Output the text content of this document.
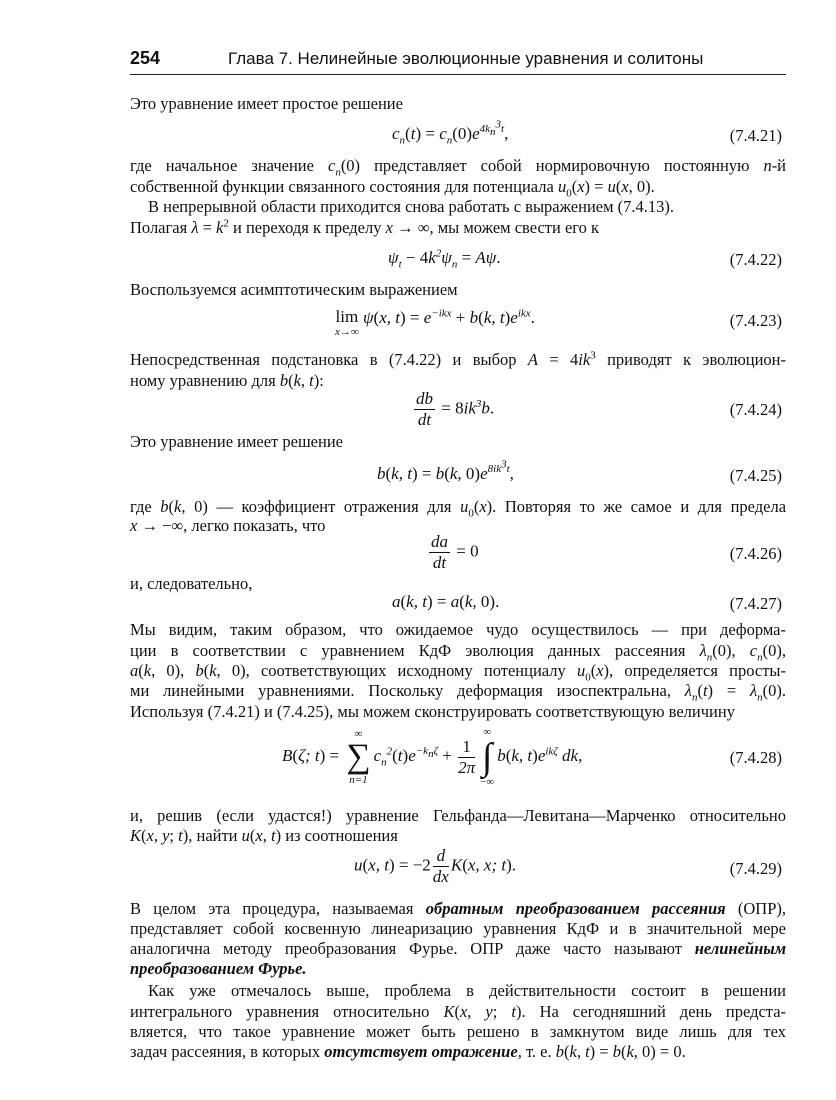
254	Глава 7. Нелинейные эволюционные уравнения и солитоны
Это уравнение имеет простое решение
$c_n(t) = c_n(0)e^{4k_n^3t}$,	(7.4.21)
где начальное значение $c_n(0)$ представляет собой нормировочную постоянную n-й
собственной функции связанного состояния для потенциала $u_0(x) = u(x$, 0).
В непрерывной области приходится снова работать с выражением (7.4.13).
Полагая $\lambda = k^2$ и переходя к пределу x → ∞, мы можем свести его к
$\psi_t - 4k^2\psi_n = A\psi$.	(7.4.22)
Воспользуемся асимптотическим выражением
lim
x→∞
ψ(x, $t) = e^{-ikx} + b(k$, $t)e^{ikx}$.	(7.4.23)
Непосредственная подстановка в (7.4.22) и выбор $A = 4ik^3$ приводят к эволюцион-
ному уравнению для b(k, t):
$\frac{db}{dt} = 8ik^3b$.	(7.4.24)
Это уравнение имеет решение
b(k, t) = b(k, $0)e^{8ik^3t}$,	(7.4.25)
где b(k, 0) — коэффициент отражения для $u_0(x)$. Повторяя то же самое и для предела
x → −∞, легко показать, что
$\frac{da}{dt} = 0$	(7.4.26)
и, следовательно,
a(k, t) = a(k, 0).	(7.4.27)
Мы видим, таким образом, что ожидаемое чудо осуществилось — при деформа-
ции в соответствии с уравнением КдФ эволюция данных рассеяния $\lambda_n(0)$, $c_n(0)$,
a(k, 0), b(k, 0), соответствующих исходному потенциалу $u_0(x)$, определяется просты-
ми линейными уравнениями. Поскольку деформация изоспектральна, $\lambda_n(t) = \lambda_n(0)$.
Используя (7.4.21) и (7.4.25), мы можем сконструировать соответствующую величину
B(ζ; t) =
∞
∑
n=1
$c_n^2(t)e^{-k_n\zeta} + \frac{1}{2\pi}$
∞
∫
−∞
b(k, $t)e^{ik\zeta}$ dk,	(7.4.28)
и, решив (если удастся!) уравнение Гельфанда—Левитана—Марченко относительно
K(x, y; t), найти u(x, t) из соотношения
u(x, $t) = -2 \frac{d}{dx} K(x$, x; t).	(7.4.29)
В целом эта процедура, называемая обратным преобразованием рассеяния (ОПР),
представляет собой косвенную линеаризацию уравнения КдФ и в значительной мере
аналогична методу преобразования Фурье. ОПР даже часто называют нелинейным
преобразованием Фурье.
Как уже отмечалось выше, проблема в действительности состоит в решении
интегрального уравнения относительно K(x, y; t). На сегодняшний день предста-
вляется, что такое уравнение может быть решено в замкнутом виде лишь для тех
задач рассеяния, в которых отсутствует отражение, т. е. b(k, t) = b(k, 0) = 0.
